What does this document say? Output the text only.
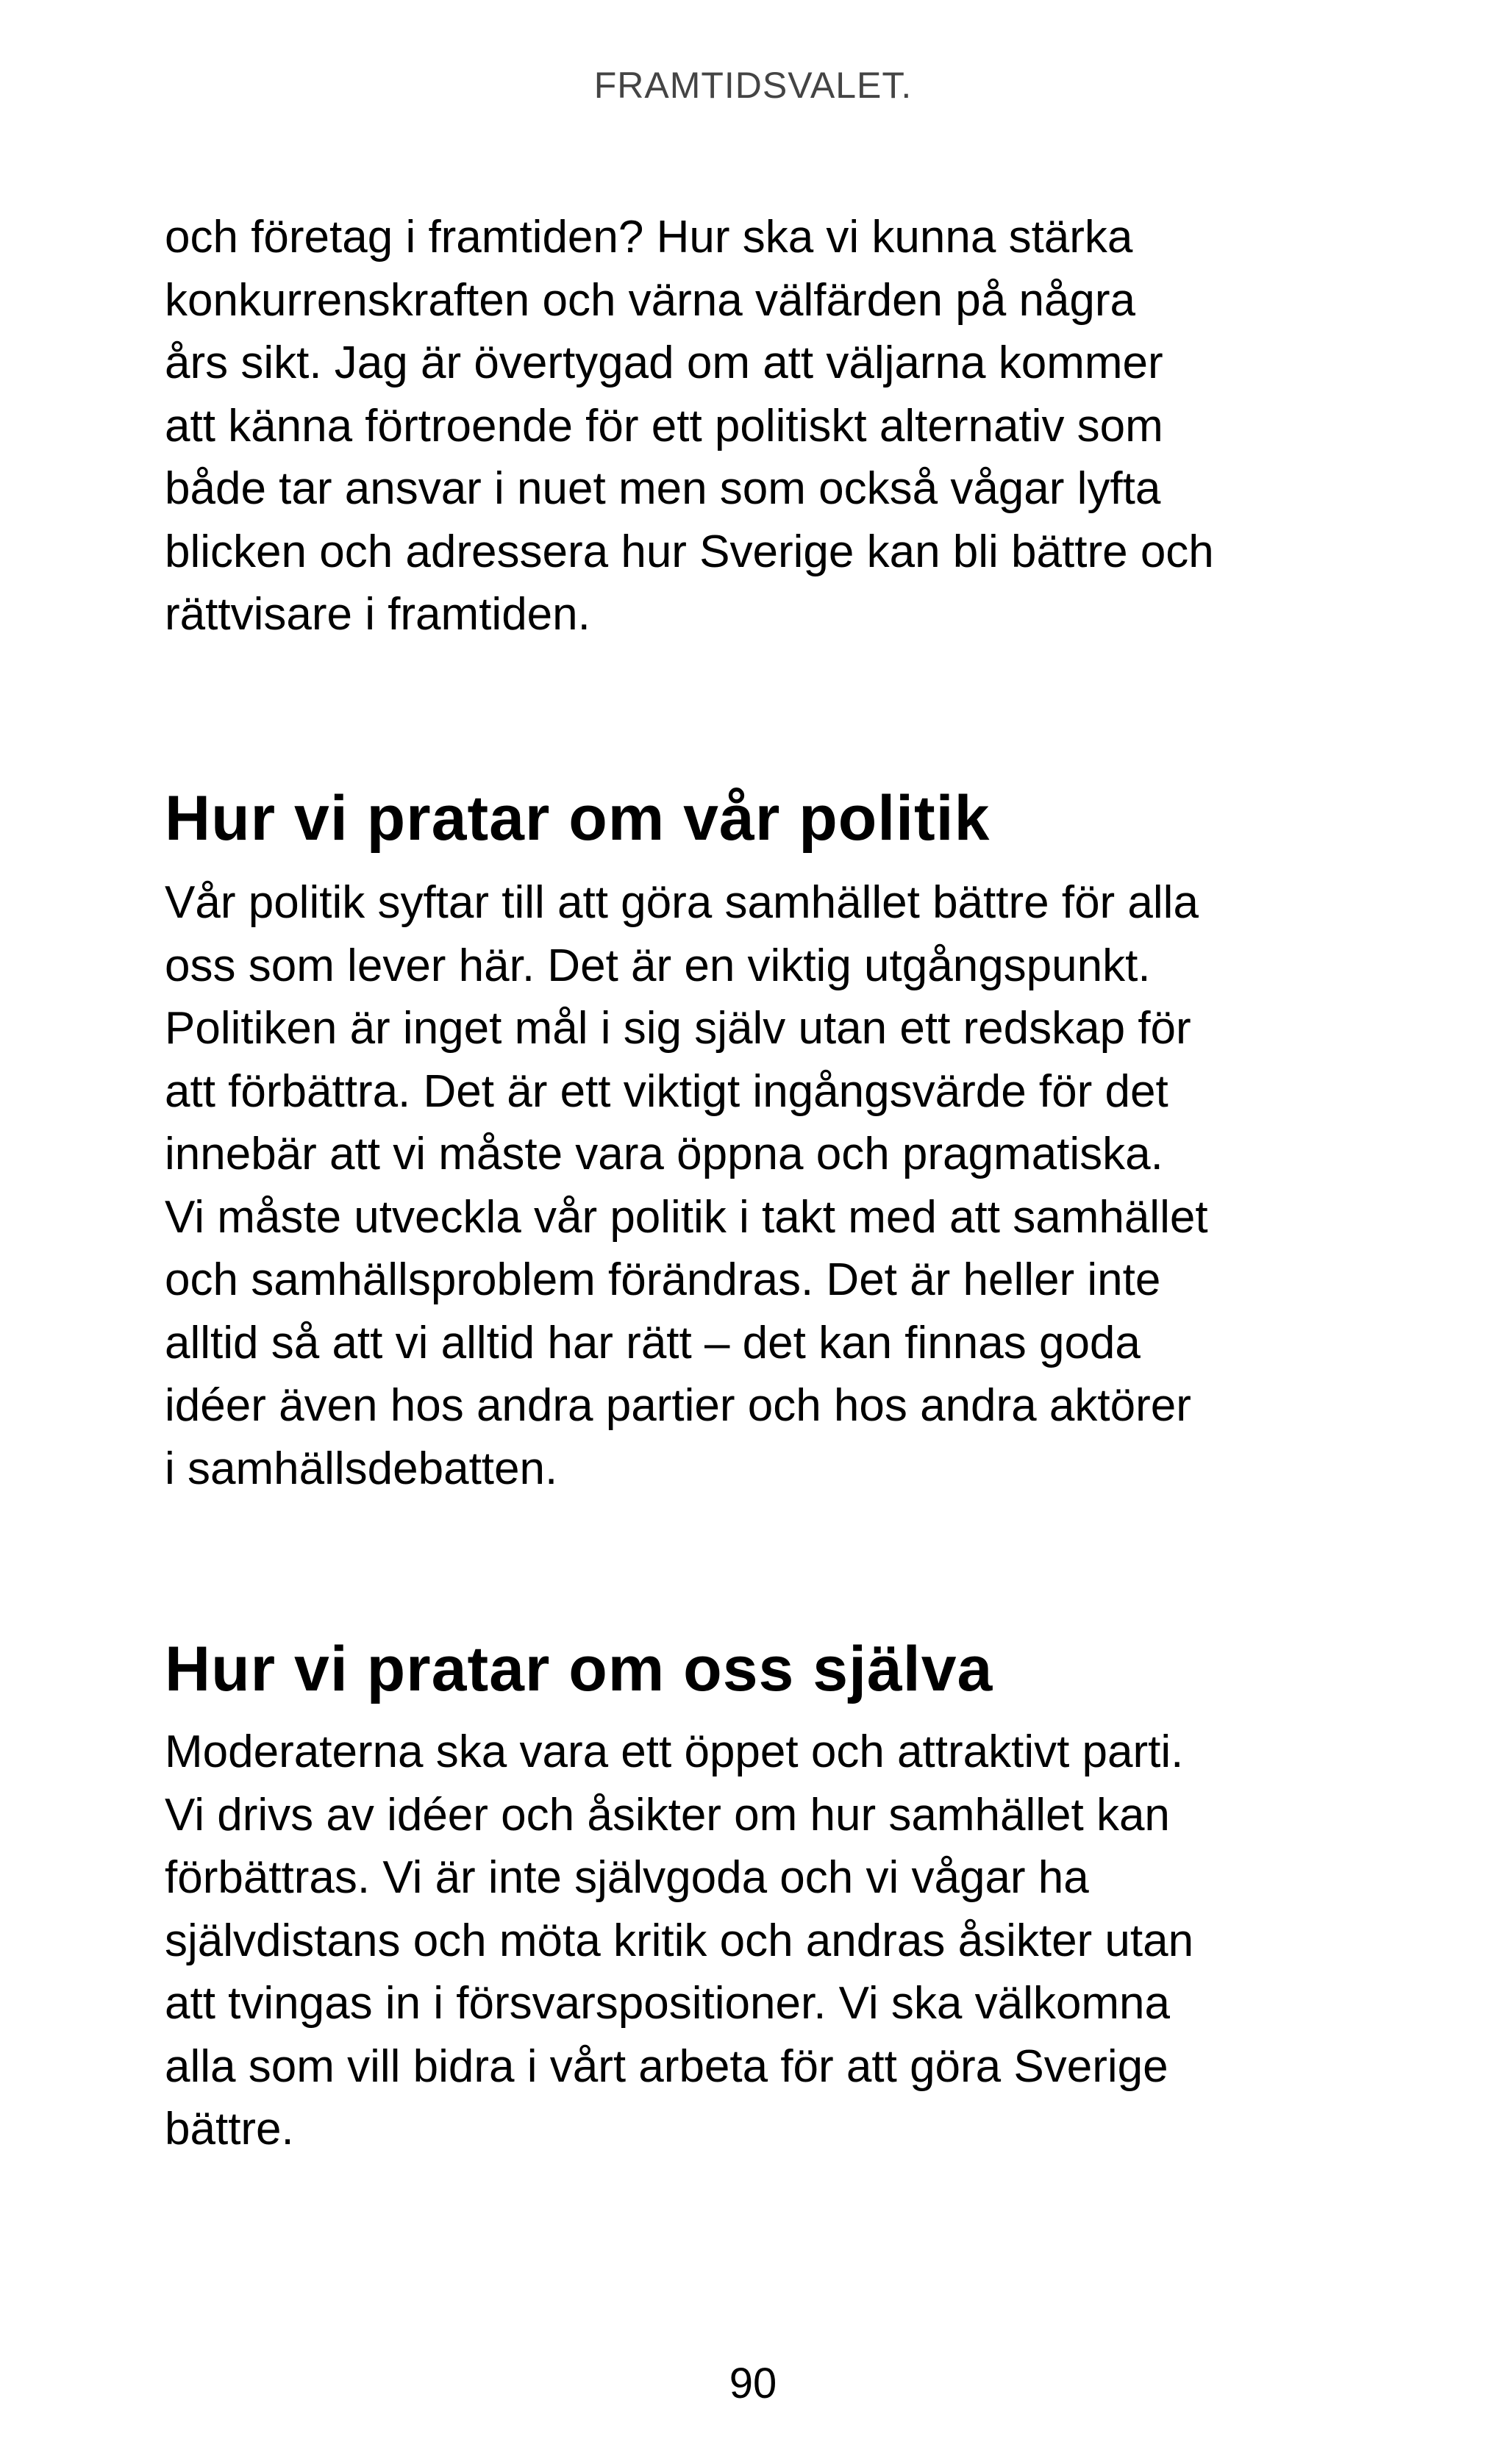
FRAMTIDSVALET.
och företag i framtiden? Hur ska vi kunna stärka
konkurrenskraften och värna välfärden på några
års sikt. Jag är övertygad om att väljarna kommer
att känna förtroende för ett politiskt alternativ som
både tar ansvar i nuet men som också vågar lyfta
blicken och adressera hur Sverige kan bli bättre och
rättvisare i framtiden.
Hur vi pratar om vår politik
Vår politik syftar till att göra samhället bättre för alla
oss som lever här. Det är en viktig utgångspunkt.
Politiken är inget mål i sig själv utan ett redskap för
att förbättra. Det är ett viktigt ingångsvärde för det
innebär att vi måste vara öppna och pragmatiska.
Vi måste utveckla vår politik i takt med att samhället
och samhällsproblem förändras. Det är heller inte
alltid så att vi alltid har rätt – det kan finnas goda
idéer även hos andra partier och hos andra aktörer
i samhällsdebatten.
Hur vi pratar om oss själva
Moderaterna ska vara ett öppet och attraktivt parti.
Vi drivs av idéer och åsikter om hur samhället kan
förbättras. Vi är inte självgoda och vi vågar ha
självdistans och möta kritik och andras åsikter utan
att tvingas in i försvarspositioner. Vi ska välkomna
alla som vill bidra i vårt arbeta för att göra Sverige
bättre.
90
